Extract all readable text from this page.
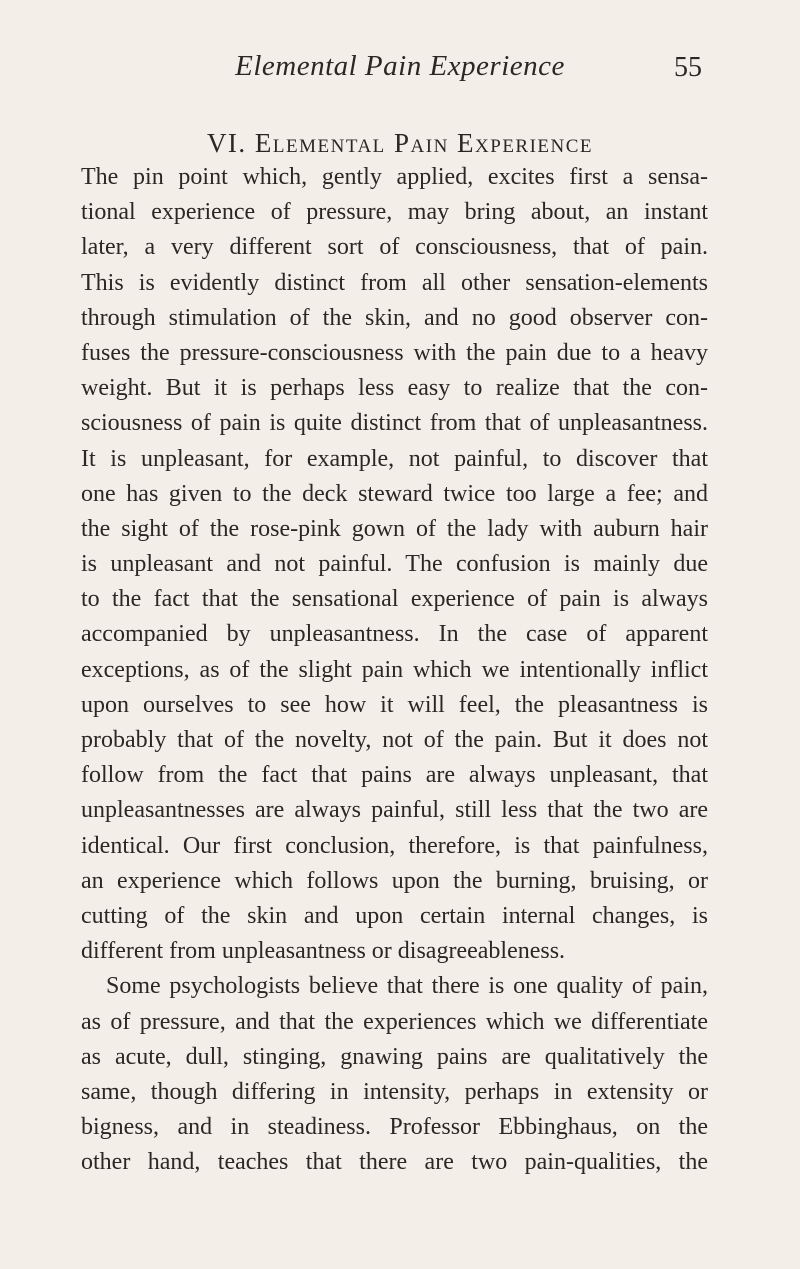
Elemental Pain Experience	55
VI. Elemental Pain Experience
The pin point which, gently applied, excites first a sensa-
tional experience of pressure, may bring about, an instant
later, a very different sort of consciousness, that of pain.
This is evidently distinct from all other sensation-elements
through stimulation of the skin, and no good observer con-
fuses the pressure-consciousness with the pain due to a heavy
weight. But it is perhaps less easy to realize that the con-
sciousness of pain is quite distinct from that of unpleasantness.
It is unpleasant, for example, not painful, to discover that
one has given to the deck steward twice too large a fee; and
the sight of the rose-pink gown of the lady with auburn hair
is unpleasant and not painful. The confusion is mainly due
to the fact that the sensational experience of pain is always
accompanied by unpleasantness. In the case of apparent
exceptions, as of the slight pain which we intentionally inflict
upon ourselves to see how it will feel, the pleasantness is
probably that of the novelty, not of the pain. But it does not
follow from the fact that pains are always unpleasant, that
unpleasantnesses are always painful, still less that the two are
identical. Our first conclusion, therefore, is that painfulness,
an experience which follows upon the burning, bruising, or
cutting of the skin and upon certain internal changes, is
different from unpleasantness or disagreeableness.
Some psychologists believe that there is one quality of pain,
as of pressure, and that the experiences which we differentiate
as acute, dull, stinging, gnawing pains are qualitatively the
same, though differing in intensity, perhaps in extensity or
bigness, and in steadiness. Professor Ebbinghaus, on the
other hand, teaches that there are two pain-qualities, the
